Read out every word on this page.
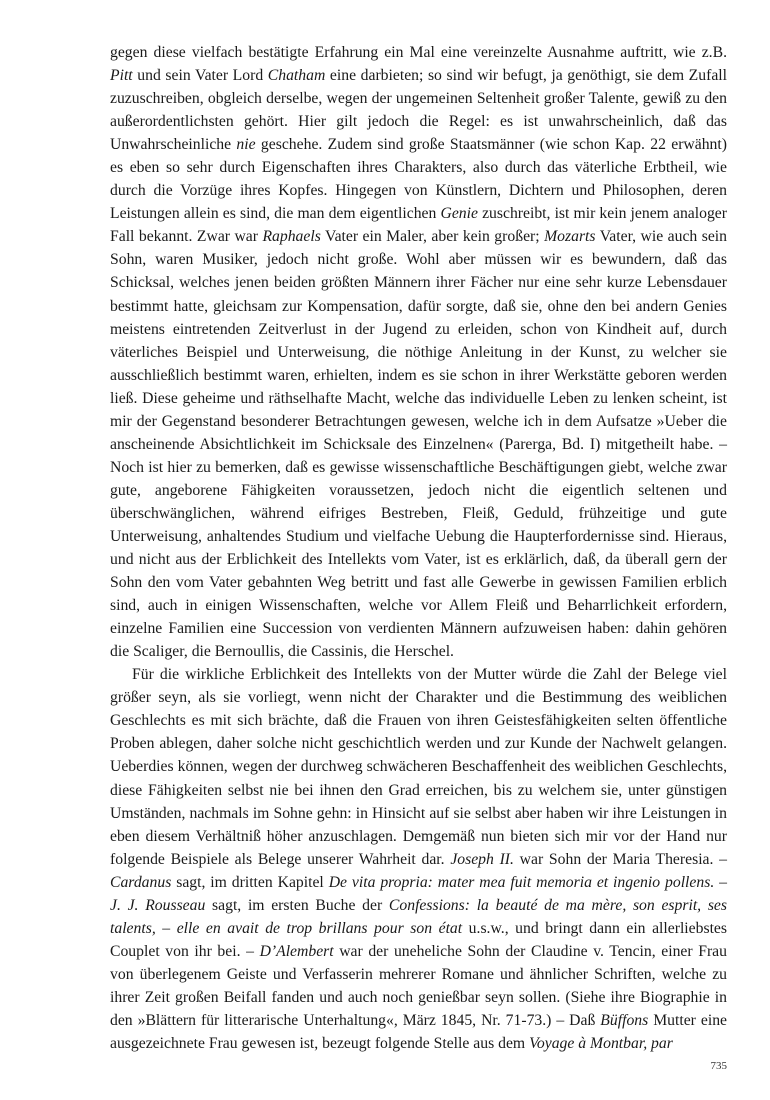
gegen diese vielfach bestätigte Erfahrung ein Mal eine vereinzelte Ausnahme auftritt, wie z.B. Pitt und sein Vater Lord Chatham eine darbieten; so sind wir befugt, ja genöthigt, sie dem Zufall zuzuschreiben, obgleich derselbe, wegen der ungemeinen Seltenheit großer Talente, gewiß zu den außerordentlichsten gehört. Hier gilt jedoch die Regel: es ist unwahrscheinlich, daß das Unwahrscheinliche nie geschehe. Zudem sind große Staatsmänner (wie schon Kap. 22 erwähnt) es eben so sehr durch Eigenschaften ihres Charakters, also durch das väterliche Erbtheil, wie durch die Vorzüge ihres Kopfes. Hingegen von Künstlern, Dichtern und Philosophen, deren Leistungen allein es sind, die man dem eigentlichen Genie zuschreibt, ist mir kein jenem analoger Fall bekannt. Zwar war Raphaels Vater ein Maler, aber kein großer; Mozarts Vater, wie auch sein Sohn, waren Musiker, jedoch nicht große. Wohl aber müssen wir es bewundern, daß das Schicksal, welches jenen beiden größten Männern ihrer Fächer nur eine sehr kurze Lebensdauer bestimmt hatte, gleichsam zur Kompensation, dafür sorgte, daß sie, ohne den bei andern Genies meistens eintretenden Zeitverlust in der Jugend zu erleiden, schon von Kindheit auf, durch väterliches Beispiel und Unterweisung, die nöthige Anleitung in der Kunst, zu welcher sie ausschließlich bestimmt waren, erhielten, indem es sie schon in ihrer Werkstätte geboren werden ließ. Diese geheime und räthselhafte Macht, welche das individuelle Leben zu lenken scheint, ist mir der Gegenstand besonderer Betrachtungen gewesen, welche ich in dem Aufsatze »Ueber die anscheinende Absichtlichkeit im Schicksale des Einzelnen« (Parerga, Bd. I) mitgetheilt habe. – Noch ist hier zu bemerken, daß es gewisse wissenschaftliche Beschäftigungen giebt, welche zwar gute, angeborene Fähigkeiten voraussetzen, jedoch nicht die eigentlich seltenen und überschwänglichen, während eifriges Bestreben, Fleiß, Geduld, frühzeitige und gute Unterweisung, anhaltendes Studium und vielfache Uebung die Haupterfordernisse sind. Hieraus, und nicht aus der Erblichkeit des Intellekts vom Vater, ist es erklärlich, daß, da überall gern der Sohn den vom Vater gebahnten Weg betritt und fast alle Gewerbe in gewissen Familien erblich sind, auch in einigen Wissenschaften, welche vor Allem Fleiß und Beharrlichkeit erfordern, einzelne Familien eine Succession von verdienten Männern aufzuweisen haben: dahin gehören die Scaliger, die Bernoullis, die Cassinis, die Herschel.

Für die wirkliche Erblichkeit des Intellekts von der Mutter würde die Zahl der Belege viel größer seyn, als sie vorliegt, wenn nicht der Charakter und die Bestimmung des weiblichen Geschlechts es mit sich brächte, daß die Frauen von ihren Geistesfähigkeiten selten öffentliche Proben ablegen, daher solche nicht geschichtlich werden und zur Kunde der Nachwelt gelangen. Ueberdies können, wegen der durchweg schwächeren Beschaffenheit des weiblichen Geschlechts, diese Fähigkeiten selbst nie bei ihnen den Grad erreichen, bis zu welchem sie, unter günstigen Umständen, nachmals im Sohne gehn: in Hinsicht auf sie selbst aber haben wir ihre Leistungen in eben diesem Verhältniß höher anzuschlagen. Demgemäß nun bieten sich mir vor der Hand nur folgende Beispiele als Belege unserer Wahrheit dar. Joseph II. war Sohn der Maria Theresia. – Cardanus sagt, im dritten Kapitel De vita propria: mater mea fuit memoria et ingenio pollens. – J. J. Rousseau sagt, im ersten Buche der Confessions: la beauté de ma mère, son esprit, ses talents, – elle en avait de trop brillans pour son état u.s.w., und bringt dann ein allerliebstes Couplet von ihr bei. – D’Alembert war der uneheliche Sohn der Claudine v. Tencin, einer Frau von überlegenem Geiste und Verfasserin mehrerer Romane und ähnlicher Schriften, welche zu ihrer Zeit großen Beifall fanden und auch noch genießbar seyn sollen. (Siehe ihre Biographie in den »Blättern für litterarische Unterhaltung«, März 1845, Nr. 71-73.) – Daß Büffons Mutter eine ausgezeichnete Frau gewesen ist, bezeugt folgende Stelle aus dem Voyage à Montbar, par

735
